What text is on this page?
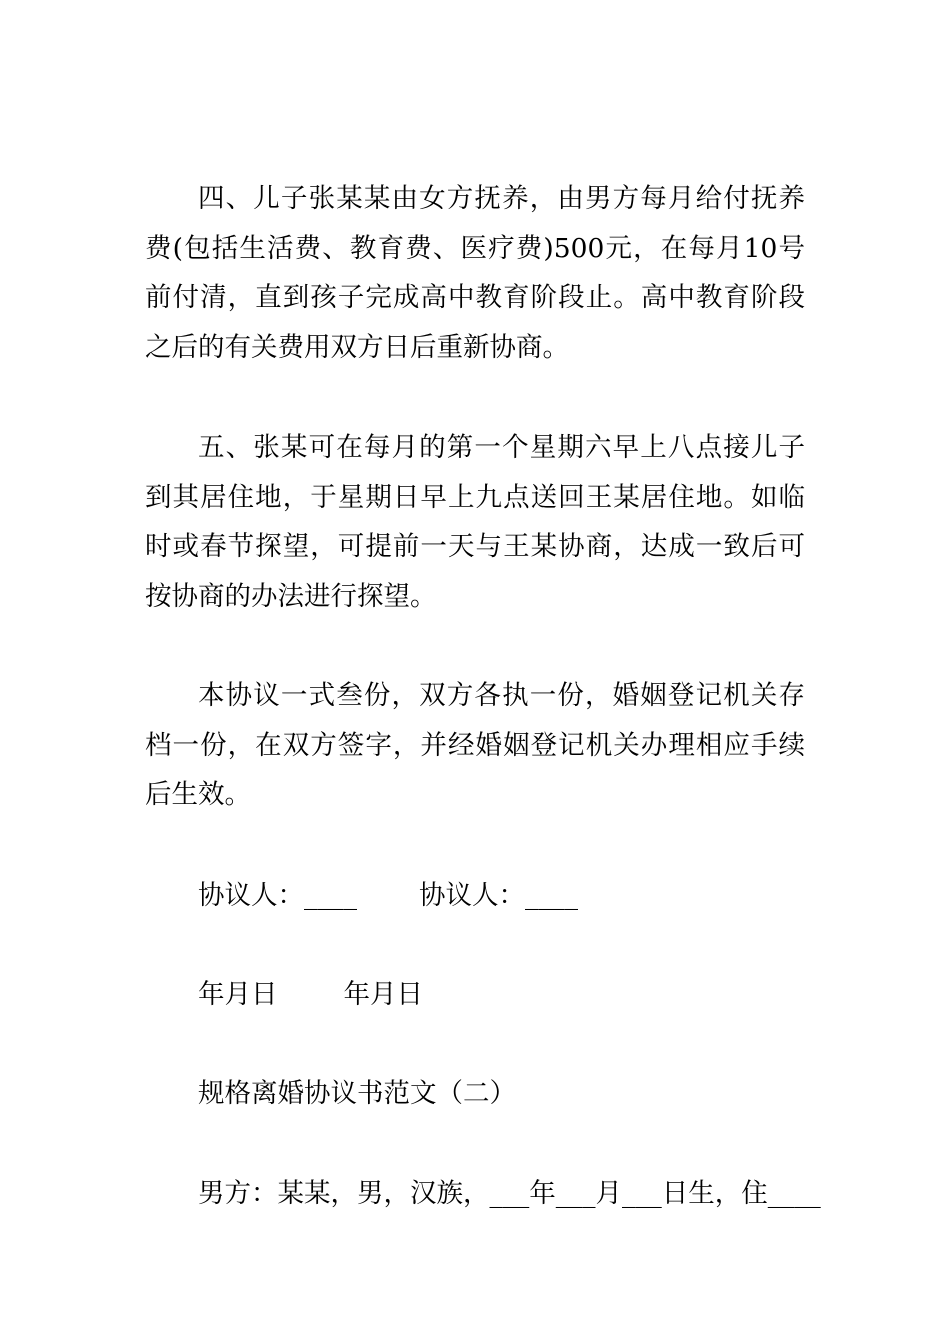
四、儿子张某某由女方抚养，由男方每月给付抚养费(包括生活费、教育费、医疗费)500元，在每月10号前付清，直到孩子完成高中教育阶段止。高中教育阶段之后的有关费用双方日后重新协商。

五、张某可在每月的第一个星期六早上八点接儿子到其居住地，于星期日早上九点送回王某居住地。如临时或春节探望，可提前一天与王某协商，达成一致后可按协商的办法进行探望。

本协议一式叁份，双方各执一份，婚姻登记机关存档一份，在双方签字，并经婚姻登记机关办理相应手续后生效。

协议人：____ 协议人：____
年月日 年月日
规格离婚协议书范文（二）
男方：某某，男，汉族，___年___月___日生，住____
